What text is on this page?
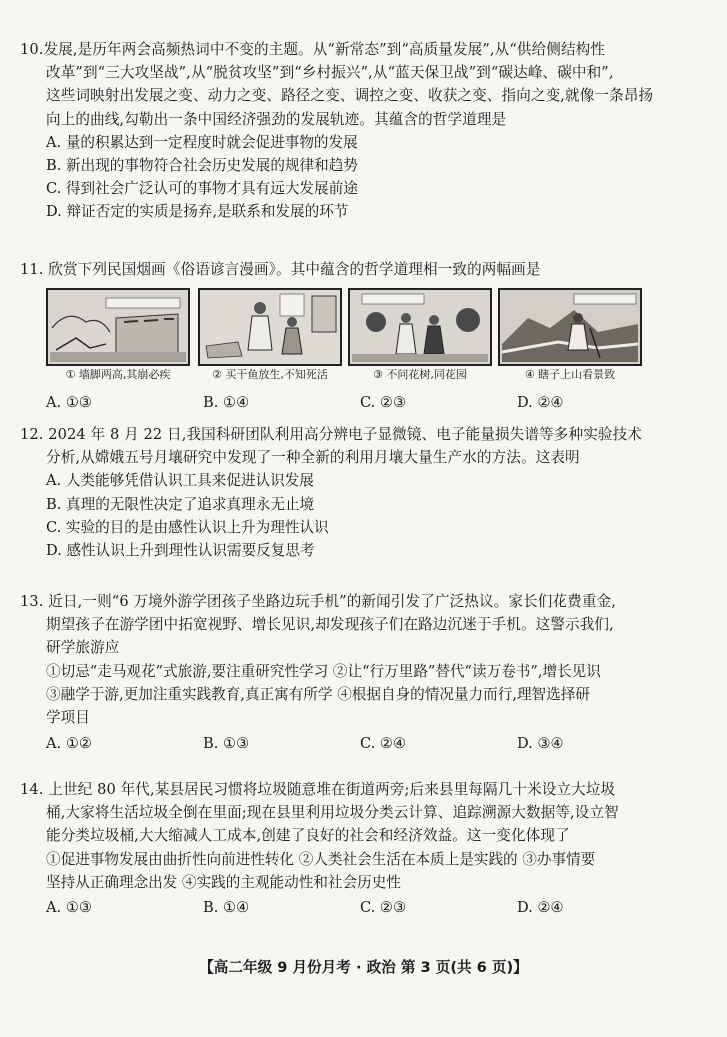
10.发展,是历年两会高频热词中不变的主题。从“新常态”到“高质量发展”,从“供给侧结构性
改革”到“三大攻坚战”,从“脱贫攻坚”到“乡村振兴”,从“蓝天保卫战”到“碳达峰、碳中和”,
这些词映射出发展之变、动力之变、路径之变、调控之变、收获之变、指向之变,就像一条昂扬
向上的曲线,勾勒出一条中国经济强劲的发展轨迹。其蕴含的哲学道理是
A. 量的积累达到一定程度时就会促进事物的发展
B. 新出现的事物符合社会历史发展的规律和趋势
C. 得到社会广泛认可的事物才具有远大发展前途
D. 辩证否定的实质是扬弃,是联系和发展的环节
11. 欣赏下列民国烟画《俗语谚言漫画》。其中蕴含的哲学道理相一致的两幅画是
① 墙脚两高,其崩必疾	② 买干鱼放生,不知死活	③ 不问花树,同花园	④ 瞎子上山看景致
A. ①③	B. ①④	C. ②③	D. ②④
12. 2024 年 8 月 22 日,我国科研团队利用高分辨电子显微镜、电子能量损失谱等多种实验技术
分析,从嫦娥五号月壤研究中发现了一种全新的利用月壤大量生产水的方法。这表明
A. 人类能够凭借认识工具来促进认识发展
B. 真理的无限性决定了追求真理永无止境
C. 实验的目的是由感性认识上升为理性认识
D. 感性认识上升到理性认识需要反复思考
13. 近日,一则“6 万境外游学团孩子坐路边玩手机”的新闻引发了广泛热议。家长们花费重金,
期望孩子在游学团中拓宽视野、增长见识,却发现孩子们在路边沉迷于手机。这警示我们,
研学旅游应
①切忌“走马观花”式旅游,要注重研究性学习 ②让“行万里路”替代“读万卷书”,增长见识
③融学于游,更加注重实践教育,真正寓有所学 ④根据自身的情况量力而行,理智选择研
学项目
A. ①②	B. ①③	C. ②④	D. ③④
14. 上世纪 80 年代,某县居民习惯将垃圾随意堆在街道两旁;后来县里每隔几十米设立大垃圾
桶,大家将生活垃圾全倒在里面;现在县里利用垃圾分类云计算、追踪溯源大数据等,设立智
能分类垃圾桶,大大缩减人工成本,创建了良好的社会和经济效益。这一变化体现了
①促进事物发展由曲折性向前进性转化 ②人类社会生活在本质上是实践的 ③办事情要
坚持从正确理念出发 ④实践的主观能动性和社会历史性
A. ①③	B. ①④	C. ②③	D. ②④
【高二年级 9 月份月考 · 政治 第 3 页(共 6 页)】
